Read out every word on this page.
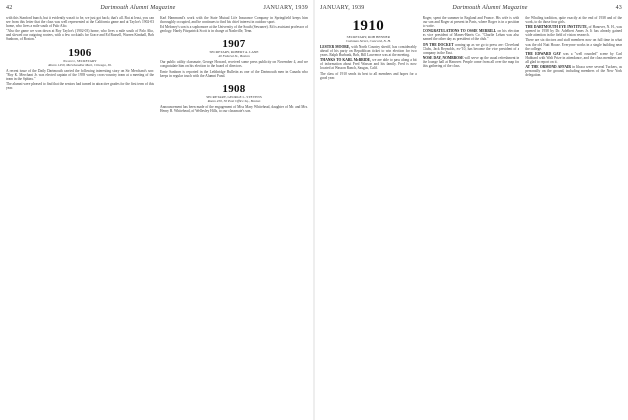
42	Dartmouth Alumni Magazine	JANUARY, 1939

with this Stanford bunch, but it evidently wasn't to be, we just got back; that's all. But at least, you can see from this letter that the class was well represented at the California game and at Taylor's 1902-03 home, who lives a mile south of Palo Alto.

"Also the game we won down at Roy Taylor's (1902-03) home, who lives a mile south of Palo Alto, and slowed our outgoing rooters, with a few cocktails for Grace and Ed Russell, Warren Kimball, Bob Sanborn, of Boston."

1906

President, SECRETARY

Room 1450, Merchandise Mart, Chicago, Ill.

A recent issue of the Daily Dartmouth carried the following interesting story on Sir Merchant's son: "Roy K. Merchant Jr. was elected captain of the 1939 varsity cross-country team at a meeting of the team in the Sphinx."

The alumni were pleased to find that the seniors had turned in attractive grades for the first term of this year.

Karl Hammond's work with the State Mutual Life Insurance Company in Springfield keeps him thoroughly occupied, and he continues to find his chief interest in outdoor sport.

Ed Meloney's son is a sophomore at the University of the South (Sewanee). Ed is assistant professor of geology. Hardy Fitzpatrick Scott is in charge at Nashville, Tenn.

1907

SECRETARY, ROBERT A. LANE

40 Federal St., Boston

Our public utility classmate, George Howard, received some press publicity on November 4, and we congratulate him on his election to the board of directors.

Ernie Sanborn is reported in the Lethbridge Bulletin as one of the Dartmouth men in Canada who keeps in regular touch with the Alumni Fund.

1908

SECRETARY, GEORGE L. STEVENS

Room 450, 50 Post Office Sq., Boston

Announcement has been made of the engagement of Miss Mary Whitehead, daughter of Mr. and Mrs. Henry B. Whitehead, of Wellesley Hills, to our classmate's son.

JANUARY, 1939	Dartmouth Alumni Magazine	43
1910

SECRETARY, ROB BENNER

Cushman Street, Concord, N. H.

LESTER MOORE, with North Country sheriff, has considerably ahead of his party on Republican ticket to win election for two years. Ralph Burbank, Bob, Bill Lawrence was at the meeting.

THANKS TO KARL McBRIDE, we are able to pass along a bit of information about Fred Wasson and his family. Fred is now located at Wasson Ranch, Saugus, Calif.

The class of 1910 sends its best to all members and hopes for a good year.

Roger, spent the summer in England and France. His wife is with our son and Roger at present in Paris, where Roger is in a position to write.

CONGRATULATIONS TO OSSIE MERRILL on his election as vice president of Manes-Harris Co. "Charlie Lehan was also named the other day as president of the club."

ON THE DOCKET coming up as we go to press are: Cleveland Clubs, Jack Reynolds, ex-'10, has become the vice president of a company in the East.

NOSE DAY, NOMBROSE will serve up the usual refreshment in the lounge hall at Hanover. People come from all over the map for this gathering of the class.

the Whaling tradition, quite exactly at the end of 1938 and of the work, to do those four girls.

THE DARTMOUTH EYE INSTITUTE, of Hanover, N. H., was opened in 1938 by Dr. Adelbert Ames Jr. It has already gained wide attention in the field of vision research.

There are six doctors and staff members now on full time in what was the old Nutt House. Everyone works in a single building near the college.

THE EDWARD GAY was a "well rounded" scene by Carl Hubbard with Walt Prize in attendance, and the class members are all glad to report on it.

AT THE ORMOND AFFAIR in Ithaca were several Tuckers, as personally on the ground, including members of the New York delegation.
